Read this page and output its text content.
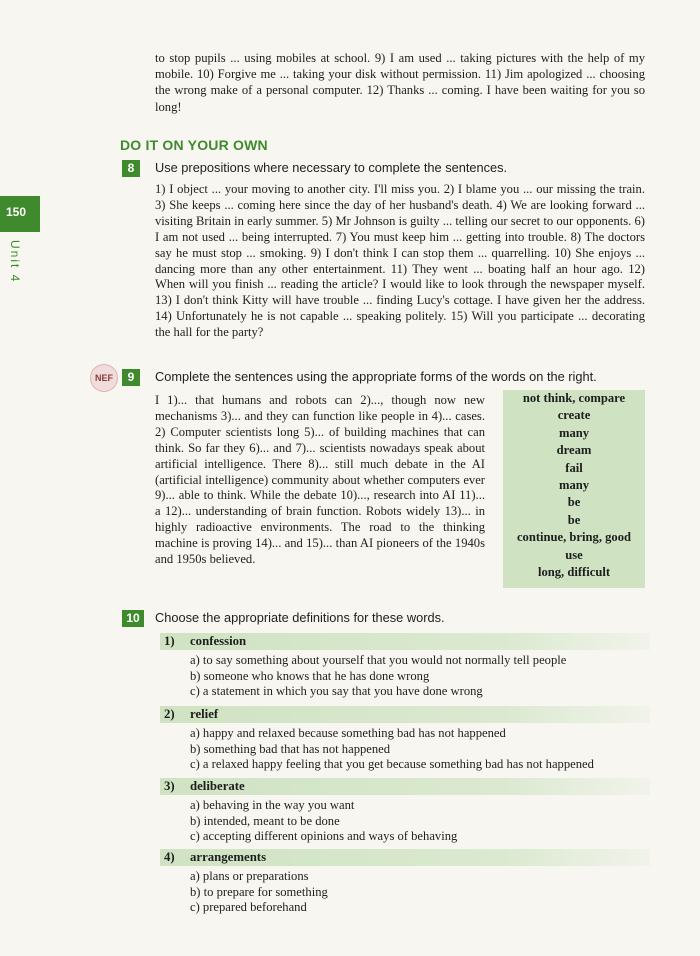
to stop pupils ... using mobiles at school. 9) I am used ... taking pictures with the help of my mobile. 10) Forgive me ... taking your disk without permission. 11) Jim apologized ... choosing the wrong make of a personal computer. 12) Thanks ... coming. I have been waiting for you so long!
DO IT ON YOUR OWN
150
Unit 4
8	Use prepositions where necessary to complete the sentences.
1) I object ... your moving to another city. I'll miss you. 2) I blame you ... our missing the train. 3) She keeps ... coming here since the day of her husband's death. 4) We are looking forward ... visiting Britain in early summer. 5) Mr Johnson is guilty ... telling our secret to our opponents. 6) I am not used ... being interrupted. 7) You must keep him ... getting into trouble. 8) The doctors say he must stop ... smoking. 9) I don't think I can stop them ... quarrelling. 10) She enjoys ... dancing more than any other entertainment. 11) They went ... boating half an hour ago. 12) When will you finish ... reading the article? I would like to look through the newspaper myself. 13) I don't think Kitty will have trouble ... finding Lucy's cottage. I have given her the address. 14) Unfortunately he is not capable ... speaking politely. 15) Will you participate ... decorating the hall for the party?
NEF	9	Complete the sentences using the appropriate forms of the words on the right.
I 1)... that humans and robots can 2)..., though now new mechanisms 3)... and they can function like people in 4)... cases. 2) Computer scientists long 5)... of building machines that can think. So far they 6)... and 7)... scientists nowadays speak about artificial intelligence. There 8)... still much debate in the AI (artificial intelligence) community about whether computers ever 9)... able to think. While the debate 10)..., research into AI 11)... a 12)... understanding of brain function. Robots widely 13)... in highly radioactive environments. The road to the thinking machine is proving 14)... and 15)... than AI pioneers of the 1940s and 1950s believed.
not think, compare
create
many
dream
fail
many
be
be
continue, bring, good
use
long, difficult
10	Choose the appropriate definitions for these words.
1) confession
a) to say something about yourself that you would not normally tell people
b) someone who knows that he has done wrong
c) a statement in which you say that you have done wrong
2) relief
a) happy and relaxed because something bad has not happened
b) something bad that has not happened
c) a relaxed happy feeling that you get because something bad has not happened
3) deliberate
a) behaving in the way you want
b) intended, meant to be done
c) accepting different opinions and ways of behaving
4) arrangements
a) plans or preparations
b) to prepare for something
c) prepared beforehand
